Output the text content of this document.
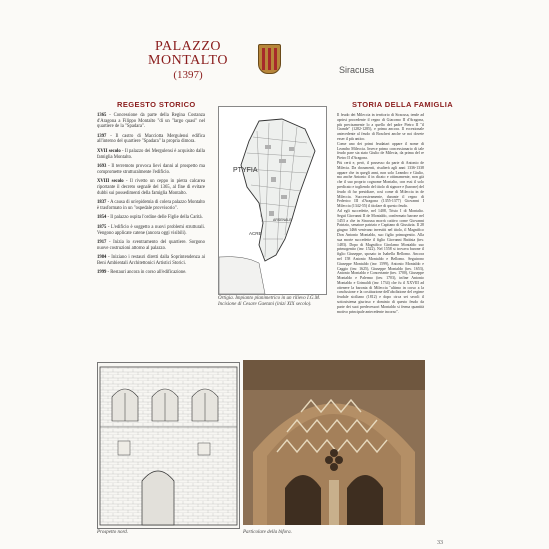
PALAZZO
MONTALTO
(1397)	Siracusa
REGESTO STORICO

1365 - Concessione da parte della Regina Costanza d'Aragona a Filippo Montalto "di un "largo quasi" nel quartiere de la "Spadara".

1397 - Il castro di Macciotta Mergulensi edifica all'interno del quartiere "Spadara" la propria dimora.

XVII secolo - Il palazzo dei Mergulensi è acquisito dalla famiglia Montalto.

1693 - Il terremoto provoca lievi danni al prospetto ma compromette strutturalmente l'edificio.

XVIII secolo - Il rivetto un ceppo in pietra calcarea riportante il decreto segnalè del 1365, al fine di evitare dubbi sui possedimenti della famiglia Montalto.

1837 - A causa di un'epidemia di colera palazzo Montalto è trasformato in un "ospedale provvisorio".

1854 - Il palazzo ospita l'ordine delle Figlie della Carità.

1875 - L'edificio è soggetto a nuovi problemi strutturali. Vengono applicate catene (ancora oggi visibili).

1917 - Inizia lo sventramento del quartiere. Sorgono nuove costruzioni attorno al palazzo.

1984 - Iniziano i restauri diretti dalla Soprintendenza ai Beni Ambientali Architettonici Artistici Storici.

1999 - Restauri ancora in corso all'edificazione.

PTYFIA
ARSENALE
ACRE
Ortigia. Impianto planimetrico in un rilievo I.G.M. Incisione di Cesare Gaetani (inizi XIX secolo).
STORIA DELLA FAMIGLIA

Il feudo dei Mileccia in territorio di Siracusa, tende ad aprirsi procedente il regno di Giacomo II d'Aragona, più precisamente lo a quello del padre Pietro II "il Grande" (1282-1285), e prima ancora. Il eccezionale antecedente al feudo di Boscheri anche se noi dovete esser il più antico.

Come uno dei primi feudatari appare il nome di Leandro Mileccia. Invece primo concessionario di tale feudo pare sia stato Giulio de Milecia, da prima del re Pietro II d'Aragona.

Più certi e, però, il possesso da parte di Antonio de Milecia. Da documenti, risulterà agli anni 1336-1338 appare che in quegli anni, non solo Leandro e Giulio, ma anche Antonio il in dicato e ottimamente, non già che il suo proprio cognome Montalto, con essi il solo predicato e togliendo del titolo di signore e (barone) del feudo di far presidiare, così come di Mileccia in de Mileccia. Successivamente, durante il regno di Federico III d'Aragona (1355-1377) Giovanni I Mileccia (1342-55) il titolare di questo feudo.

Ad egli succedette, nel 1408, Tristo I di Montalto. Seguì Giovanni II de Montaldo, confermato barone nel 1453 a che in Siracusa morrà cattivo come Giovanni Patrizio, senatore patrizio e Capitano di Giustizia. Il 28 giugno 1466 venivano investiti nel titolo, il Magnifico Don Antonio Montaldo, suo figlio primogenito. Alla sua morte succedette il figlio Giovanni Battista (inv. 1483). Dopo di Magnifico Girolamo Montaldo suo primogenito (inv. 1522). Nel 1558 si trovava barone il figlio Giuseppe, sposato in Isabella Bellomo. Ancora nel 158 Antonio Montaldo e Bellomo. Seguirono Giuseppe Montaldo (inv. 1599), Antonio Montaldo e Caggio (inv. 1625), Giuseppe Montaldo (inv. 1653), Antonio Montaldo e Concertante (inv. 1700), Giuseppe Montaldo e Palermo (inv. 1703), infine Antonio Montaldo e Grimaldi (inv. 1734) che fu il XXVIII ad ottenere la baronia di Mileccia "ultimo in corso a la conclusione e la costituzione dell'abolizione del regime feudale siciliano (1812) e dopo circa sei secoli il sottosistema giurisso e dominio di questo feudo da parte dei suoi predecessori Montaldo si ferma quantità motivo principale antecedente incorso".

Prospetto nord.	Particolare della bifora.
33
